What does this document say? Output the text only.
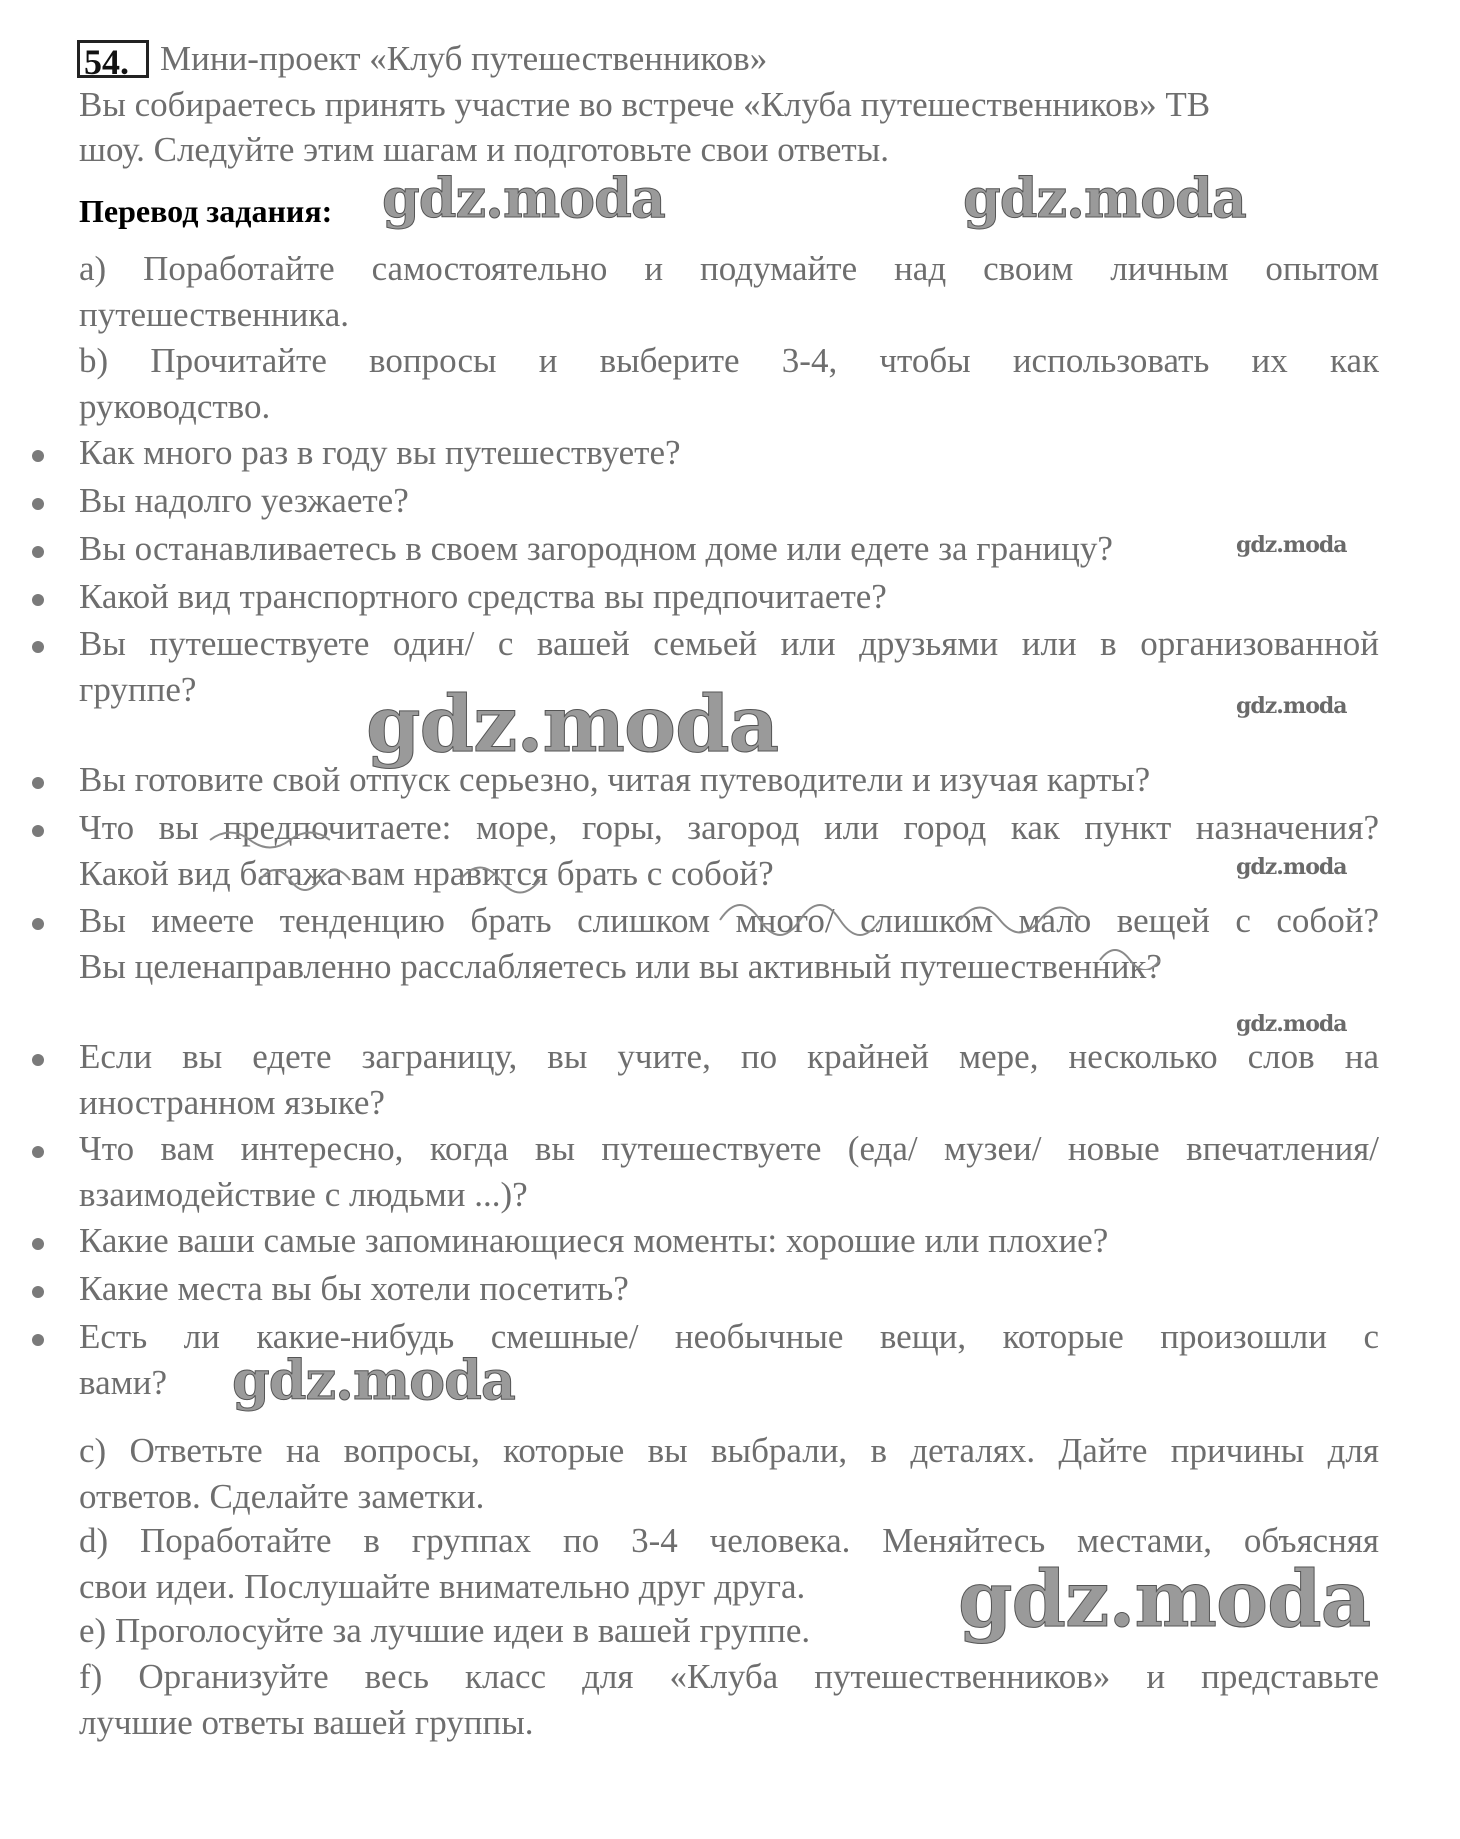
54. Мини-проект «Клуб путешественников»
Вы собираетесь принять участие во встрече «Клуба путешественников» ТВ
шоу. Следуйте этим шагам и подготовьте свои ответы.
Перевод задания:
а) Поработайте самостоятельно и подумайте над своим личным опытом
путешественника.
b) Прочитайте вопросы и выберите 3-4, чтобы использовать их как
руководство.
Как много раз в году вы путешествуете?
Вы надолго уезжаете?
Вы останавливаетесь в своем загородном доме или едете за границу?
Какой вид транспортного средства вы предпочитаете?
Вы путешествуете один/ с вашей семьей или друзьями или в организованной
группе?
Вы готовите свой отпуск серьезно, читая путеводители и изучая карты?
Что вы предпочитаете: море, горы, загород или город как пункт назначения?
Какой вид багажа вам нравится брать с собой?
Вы имеете тенденцию брать слишком много/ слишком мало вещей с собой?
Вы целенаправленно расслабляетесь или вы активный путешественник?
Если вы едете заграницу, вы учите, по крайней мере, несколько слов на
иностранном языке?
Что вам интересно, когда вы путешествуете (еда/ музеи/ новые впечатления/
взаимодействие с людьми ...)?
Какие ваши самые запоминающиеся моменты: хорошие или плохие?
Какие места вы бы хотели посетить?
Есть ли какие-нибудь смешные/ необычные вещи, которые произошли с
вами?
с) Ответьте на вопросы, которые вы выбрали, в деталях. Дайте причины для
ответов. Сделайте заметки.
d) Поработайте в группах по 3-4 человека. Меняйтесь местами, объясняя
свои идеи. Послушайте внимательно друг друга.
е) Проголосуйте за лучшие идеи в вашей группе.
f) Организуйте весь класс для «Клуба путешественников» и представьте
лучшие ответы вашей группы.
gdz.moda	gdz.moda
gdz.moda
gdz.moda	gdz.moda
gdz.moda
gdz.moda
gdz.moda
gdz.moda
